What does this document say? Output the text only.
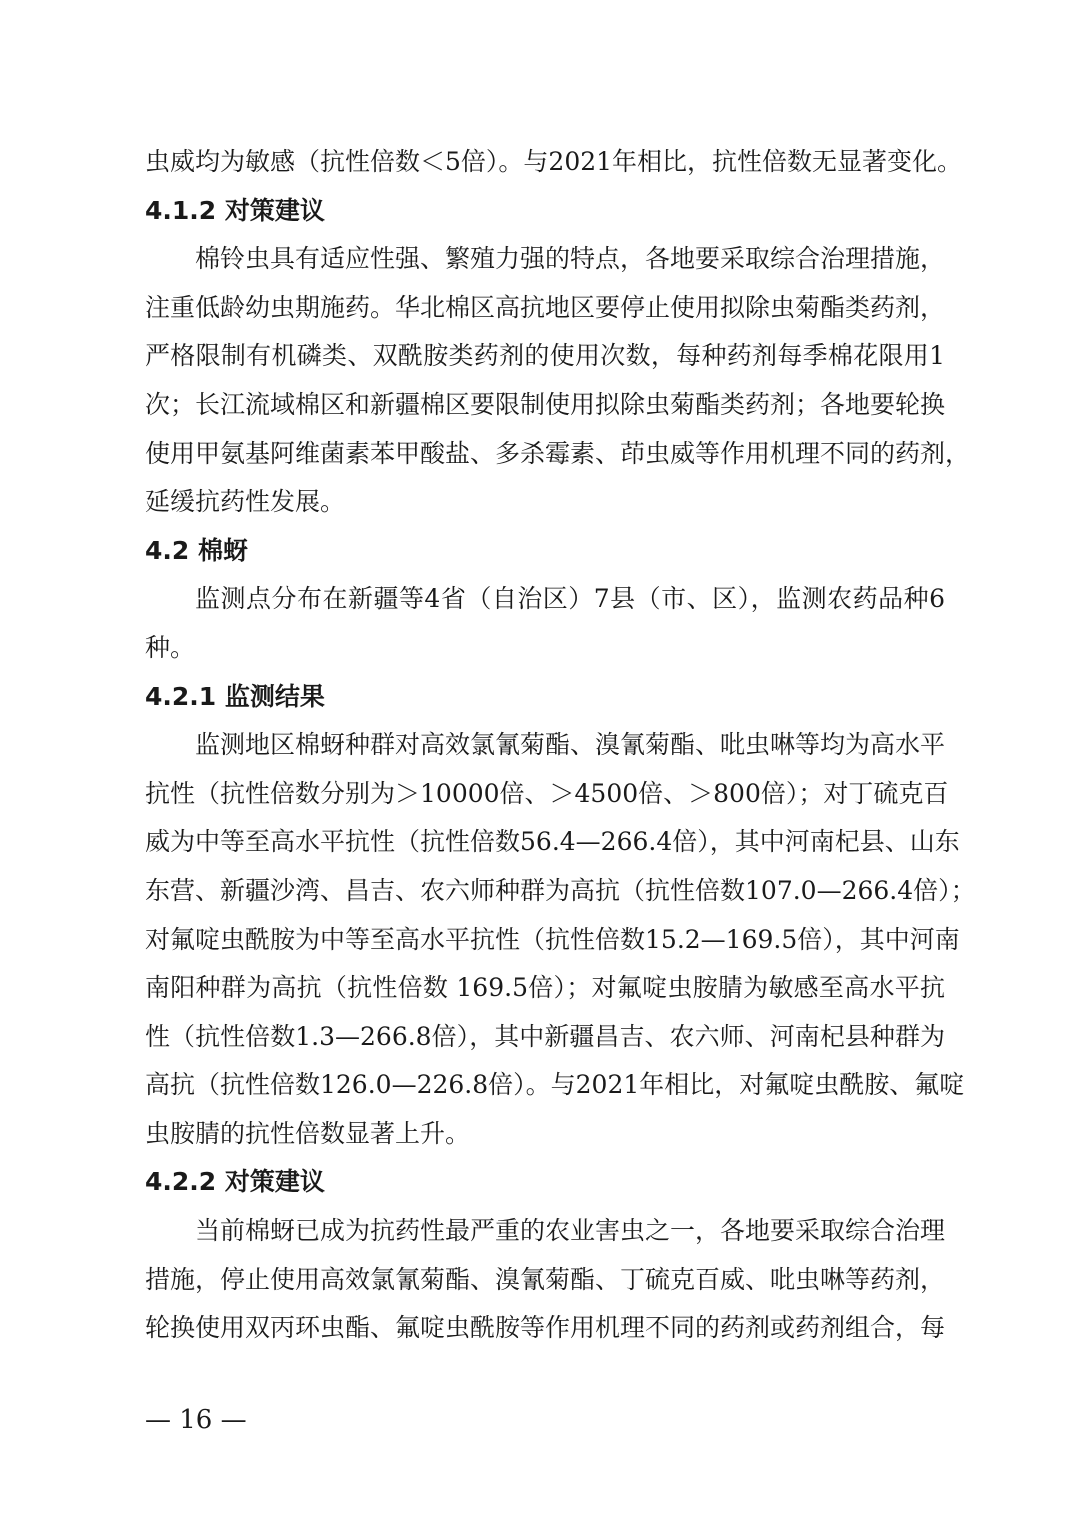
虫威均为敏感（抗性倍数＜5倍）。与2021年相比，抗性倍数无显著变化。
4.1.2 对策建议
棉铃虫具有适应性强、繁殖力强的特点，各地要采取综合治理措施，
注重低龄幼虫期施药。华北棉区高抗地区要停止使用拟除虫菊酯类药剂，
严格限制有机磷类、双酰胺类药剂的使用次数，每种药剂每季棉花限用1
次；长江流域棉区和新疆棉区要限制使用拟除虫菊酯类药剂；各地要轮换
使用甲氨基阿维菌素苯甲酸盐、多杀霉素、茚虫威等作用机理不同的药剂，
延缓抗药性发展。
4.2 棉蚜
监测点分布在新疆等4省（自治区）7县（市、区），监测农药品种6
种。
4.2.1 监测结果
监测地区棉蚜种群对高效氯氰菊酯、溴氰菊酯、吡虫啉等均为高水平
抗性（抗性倍数分别为＞10000倍、＞4500倍、＞800倍）；对丁硫克百
威为中等至高水平抗性（抗性倍数56.4—266.4倍），其中河南杞县、山东
东营、新疆沙湾、昌吉、农六师种群为高抗（抗性倍数107.0—266.4倍）；
对氟啶虫酰胺为中等至高水平抗性（抗性倍数15.2—169.5倍），其中河南
南阳种群为高抗（抗性倍数 169.5倍）；对氟啶虫胺腈为敏感至高水平抗
性（抗性倍数1.3—266.8倍），其中新疆昌吉、农六师、河南杞县种群为
高抗（抗性倍数126.0—226.8倍）。与2021年相比，对氟啶虫酰胺、氟啶
虫胺腈的抗性倍数显著上升。
4.2.2 对策建议
当前棉蚜已成为抗药性最严重的农业害虫之一，各地要采取综合治理
措施，停止使用高效氯氰菊酯、溴氰菊酯、丁硫克百威、吡虫啉等药剂，
轮换使用双丙环虫酯、氟啶虫酰胺等作用机理不同的药剂或药剂组合，每
— 16 —
